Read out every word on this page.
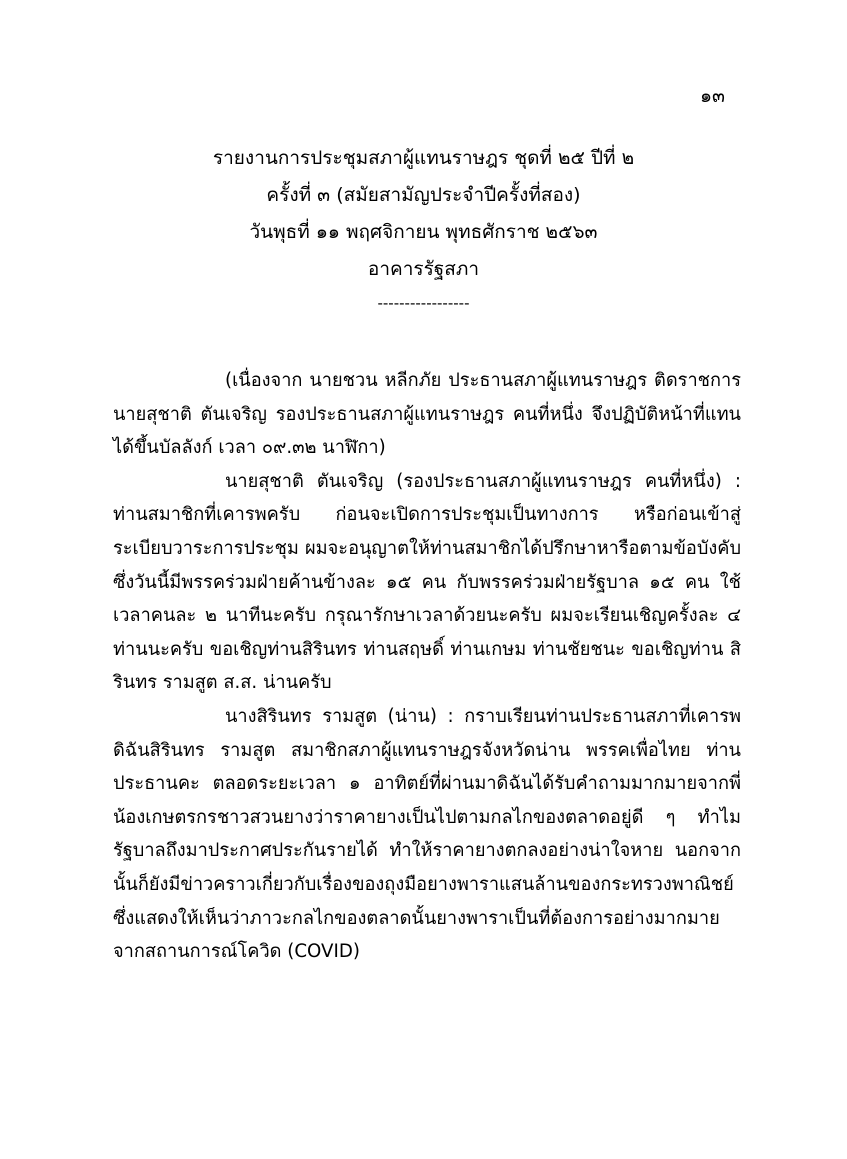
๑๓
รายงานการประชุมสภาผู้แทนราษฎร ชุดที่ ๒๕ ปีที่ ๒
ครั้งที่ ๓ (สมัยสามัญประจำปีครั้งที่สอง)
วันพุธที่ ๑๑ พฤศจิกายน พุทธศักราช ๒๕๖๓
อาคารรัฐสภา
-----------------
(เนื่องจาก นายชวน หลีกภัย ประธานสภาผู้แทนราษฎร ติดราชการ นายสุชาติ ตันเจริญ รองประธานสภาผู้แทนราษฎร คนที่หนึ่ง จึงปฏิบัติหน้าที่แทน ได้ขึ้นบัลลังก์ เวลา ๐๙.๓๒ นาฬิกา)
นายสุชาติ ตันเจริญ (รองประธานสภาผู้แทนราษฎร คนที่หนึ่ง) : ท่านสมาชิกที่เคารพครับ ก่อนจะเปิดการประชุมเป็นทางการ หรือก่อนเข้าสู่ระเบียบวาระการประชุม ผมจะอนุญาตให้ท่านสมาชิกได้ปรึกษาหารือตามข้อบังคับ ซึ่งวันนี้มีพรรคร่วมฝ่ายค้านข้างละ ๑๕ คน กับพรรคร่วมฝ่ายรัฐบาล ๑๕ คน ใช้เวลาคนละ ๒ นาทีนะครับ กรุณารักษาเวลาด้วยนะครับ ผมจะเรียนเชิญครั้งละ ๔ ท่านนะครับ ขอเชิญท่านสิรินทร ท่านสฤษดิ์ ท่านเกษม ท่านชัยชนะ ขอเชิญท่าน สิรินทร รามสูต ส.ส. น่านครับ
นางสิรินทร รามสูต (น่าน) : กราบเรียนท่านประธานสภาที่เคารพ ดิฉันสิรินทร รามสูต สมาชิกสภาผู้แทนราษฎรจังหวัดน่าน พรรคเพื่อไทย ท่านประธานคะ ตลอดระยะเวลา ๑ อาทิตย์ที่ผ่านมาดิฉันได้รับคำถามมากมายจากพี่น้องเกษตรกรชาวสวนยางว่าราคายางเป็นไปตามกลไกของตลาดอยู่ดี ๆ ทำไมรัฐบาลถึงมาประกาศประกันรายได้ ทำให้ราคายางตกลงอย่างน่าใจหาย นอกจากนั้นก็ยังมีข่าวคราวเกี่ยวกับเรื่องของถุงมือยางพาราแสนล้านของกระทรวงพาณิชย์ ซึ่งแสดงให้เห็นว่าภาวะกลไกของตลาดนั้นยางพาราเป็นที่ต้องการอย่างมากมายจากสถานการณ์โควิด (COVID)
